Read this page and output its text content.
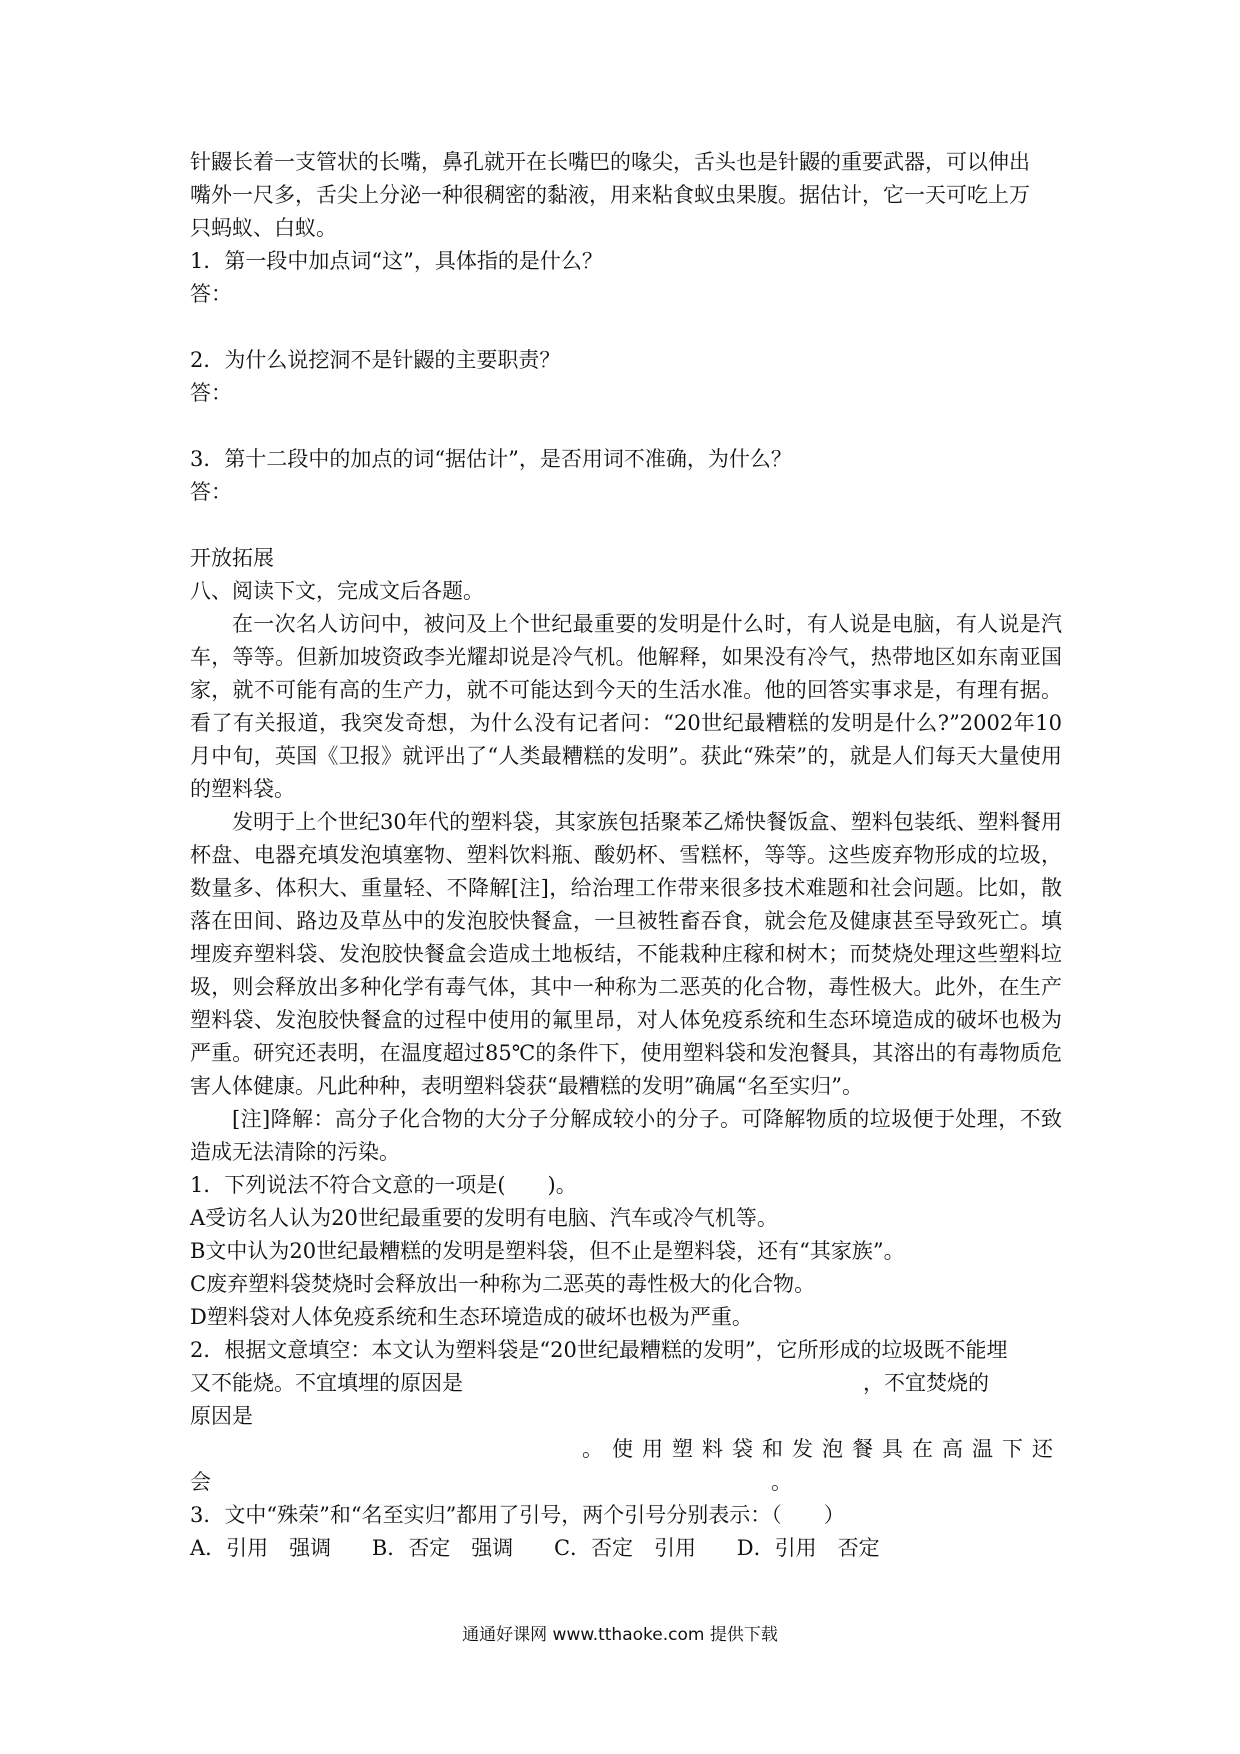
针鼹长着一支管状的长嘴，鼻孔就开在长嘴巴的喙尖，舌头也是针鼹的重要武器，可以伸出

嘴外一尺多，舌尖上分泌一种很稠密的黏液，用来粘食蚁虫果腹。据估计，它一天可吃上万

只蚂蚁、白蚁。

1．第一段中加点词“这”，具体指的是什么？

答：

2．为什么说挖洞不是针鼹的主要职责？

答：

3．第十二段中的加点的词“据估计”，是否用词不准确，为什么？

答：

开放拓展

八、阅读下文，完成文后各题。

在一次名人访问中，被问及上个世纪最重要的发明是什么时，有人说是电脑，有人说是汽车，等等。但新加坡资政李光耀却说是冷气机。他解释，如果没有冷气，热带地区如东南亚国家，就不可能有高的生产力，就不可能达到今天的生活水准。他的回答实事求是，有理有据。看了有关报道，我突发奇想，为什么没有记者问：“20世纪最糟糕的发明是什么?”2002年10月中旬，英国《卫报》就评出了“人类最糟糕的发明”。获此“殊荣”的，就是人们每天大量使用的塑料袋。

发明于上个世纪30年代的塑料袋，其家族包括聚苯乙烯快餐饭盒、塑料包装纸、塑料餐用杯盘、电器充填发泡填塞物、塑料饮料瓶、酸奶杯、雪糕杯，等等。这些废弃物形成的垃圾，数量多、体积大、重量轻、不降解[注]，给治理工作带来很多技术难题和社会问题。比如，散落在田间、路边及草丛中的发泡胶快餐盒，一旦被牲畜吞食，就会危及健康甚至导致死亡。填埋废弃塑料袋、发泡胶快餐盒会造成土地板结，不能栽种庄稼和树木；而焚烧处理这些塑料垃圾，则会释放出多种化学有毒气体，其中一种称为二恶英的化合物，毒性极大。此外，在生产塑料袋、发泡胶快餐盒的过程中使用的氟里昂，对人体免疫系统和生态环境造成的破坏也极为严重。研究还表明，在温度超过85℃的条件下，使用塑料袋和发泡餐具，其溶出的有毒物质危害人体健康。凡此种种，表明塑料袋获“最糟糕的发明”确属“名至实归”。

[注]降解：高分子化合物的大分子分解成较小的分子。可降解物质的垃圾便于处理，不致造成无法清除的污染。

1．下列说法不符合文意的一项是(　　)。

A受访名人认为20世纪最重要的发明有电脑、汽车或冷气机等。

B文中认为20世纪最糟糕的发明是塑料袋，但不止是塑料袋，还有“其家族”。

C废弃塑料袋焚烧时会释放出一种称为二恶英的毒性极大的化合物。

D塑料袋对人体免疫系统和生态环境造成的破坏也极为严重。

2．根据文意填空：本文认为塑料袋是“20世纪最糟糕的发明”，它所形成的垃圾既不能埋

又不能烧。不宜填埋的原因是	，不宜焚烧的

原因是

。使用塑料袋和发泡餐具在高温下还

会	。

3．文中“殊荣”和“名至实归”都用了引号，两个引号分别表示：（　　）

A．引用　强调 B．否定　强调 C．否定　引用 D．引用　否定
通通好课网 www.tthaoke.com 提供下载
